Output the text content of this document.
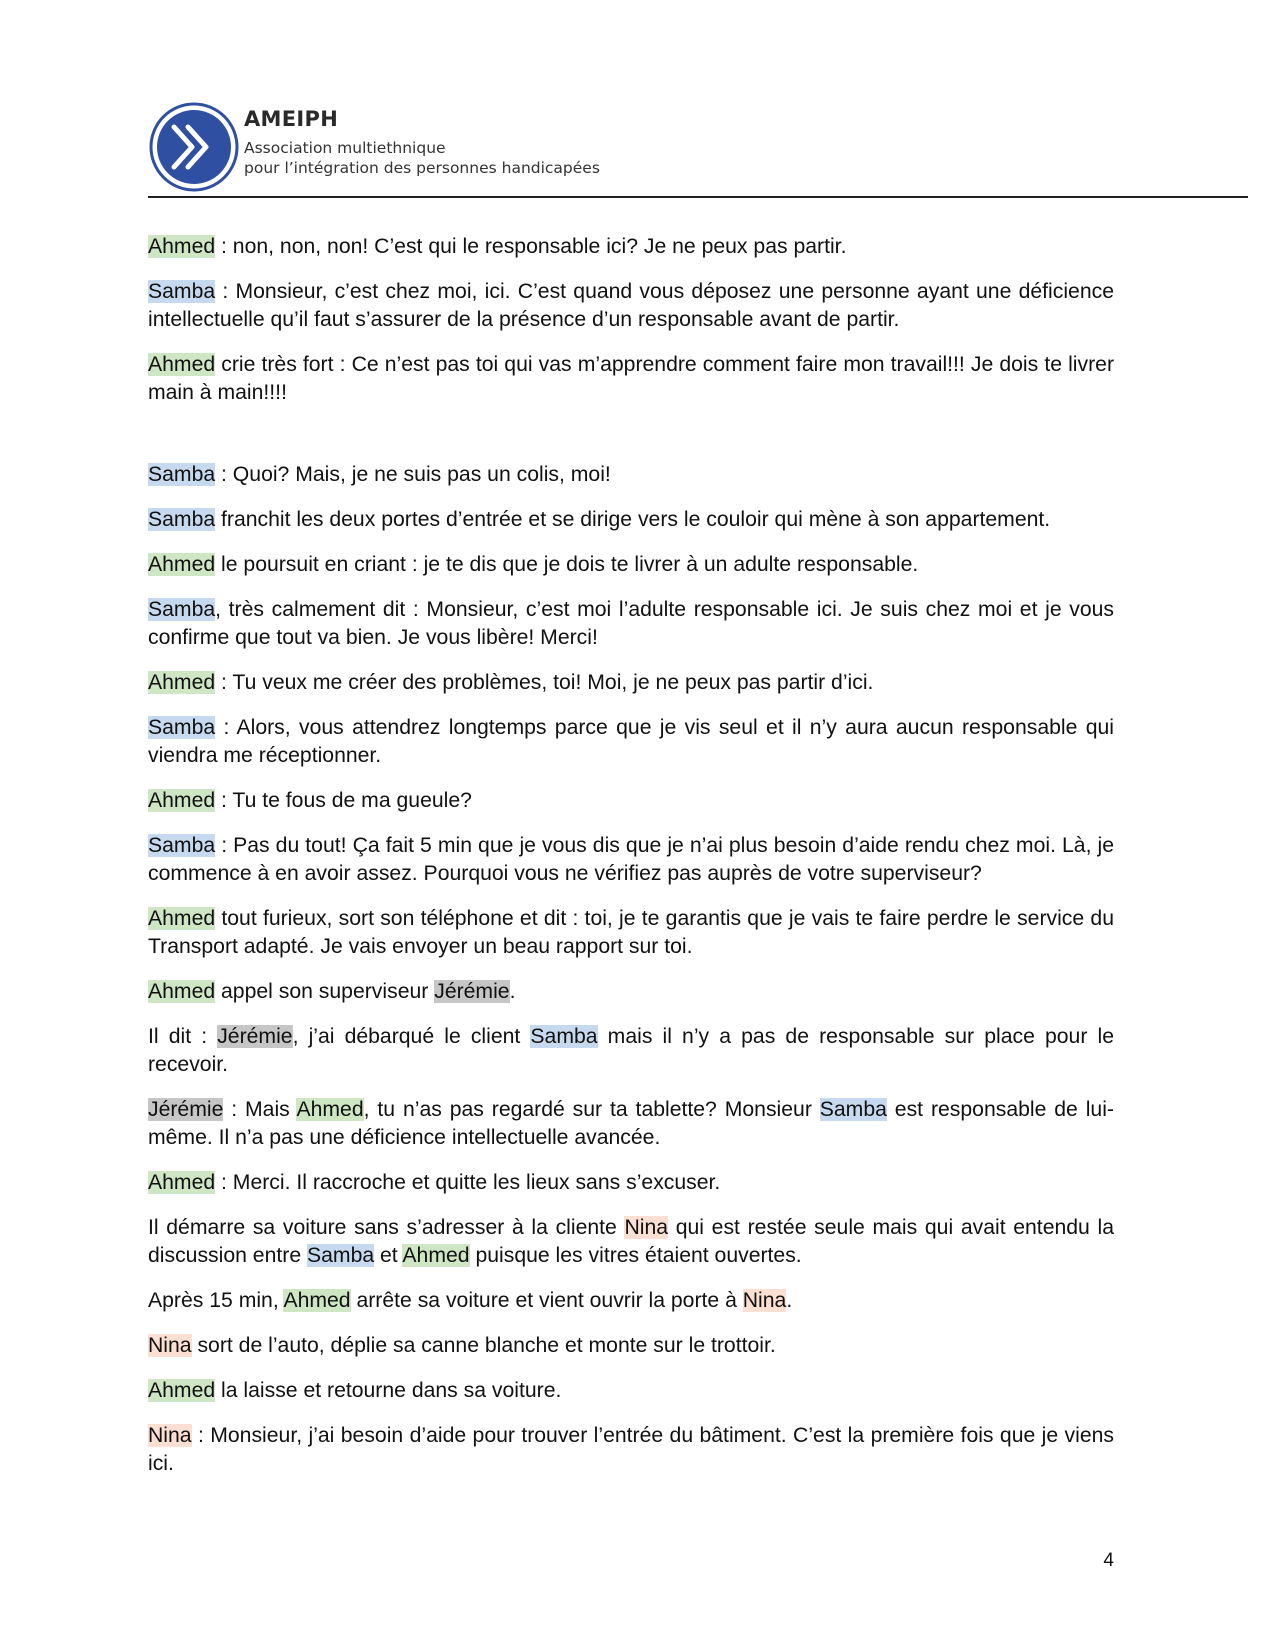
AMEIPH
Association multiethnique
pour l’intégration des personnes handicapées

Ahmed : non, non, non! C’est qui le responsable ici? Je ne peux pas partir.

Samba : Monsieur, c’est chez moi, ici. C’est quand vous déposez une personne ayant une déficience intellectuelle qu’il faut s’assurer de la présence d’un responsable avant de partir.

Ahmed crie très fort : Ce n’est pas toi qui vas m’apprendre comment faire mon travail!!! Je dois te livrer main à main!!!!

Samba : Quoi? Mais, je ne suis pas un colis, moi!

Samba franchit les deux portes d’entrée et se dirige vers le couloir qui mène à son appartement.

Ahmed le poursuit en criant : je te dis que je dois te livrer à un adulte responsable.

Samba, très calmement dit : Monsieur, c’est moi l’adulte responsable ici. Je suis chez moi et je vous confirme que tout va bien. Je vous libère! Merci!

Ahmed : Tu veux me créer des problèmes, toi! Moi, je ne peux pas partir d’ici.

Samba : Alors, vous attendrez longtemps parce que je vis seul et il n’y aura aucun responsable qui viendra me réceptionner.

Ahmed : Tu te fous de ma gueule?

Samba : Pas du tout! Ça fait 5 min que je vous dis que je n’ai plus besoin d’aide rendu chez moi. Là, je commence à en avoir assez. Pourquoi vous ne vérifiez pas auprès de votre superviseur?

Ahmed tout furieux, sort son téléphone et dit : toi, je te garantis que je vais te faire perdre le service du Transport adapté. Je vais envoyer un beau rapport sur toi.

Ahmed appel son superviseur Jérémie.

Il dit : Jérémie, j’ai débarqué le client Samba mais il n’y a pas de responsable sur place pour le recevoir.

Jérémie : Mais Ahmed, tu n’as pas regardé sur ta tablette? Monsieur Samba est responsable de lui-même. Il n’a pas une déficience intellectuelle avancée.

Ahmed : Merci. Il raccroche et quitte les lieux sans s’excuser.

Il démarre sa voiture sans s’adresser à la cliente Nina qui est restée seule mais qui avait entendu la discussion entre Samba et Ahmed puisque les vitres étaient ouvertes.

Après 15 min, Ahmed arrête sa voiture et vient ouvrir la porte à Nina.

Nina sort de l’auto, déplie sa canne blanche et monte sur le trottoir.

Ahmed la laisse et retourne dans sa voiture.

Nina : Monsieur, j’ai besoin d’aide pour trouver l’entrée du bâtiment. C’est la première fois que je viens ici.

4
